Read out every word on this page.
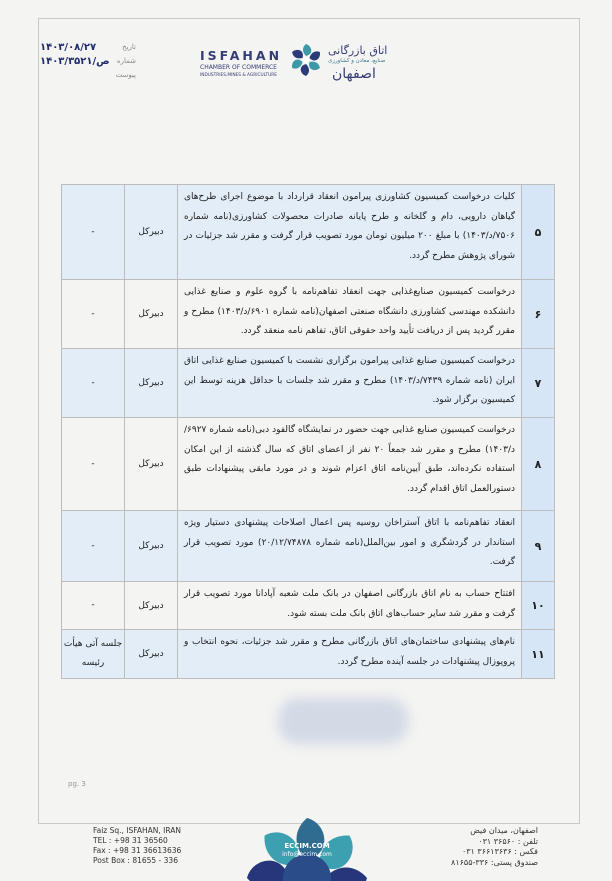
۱۴۰۳/۰۸/۲۷	تاریخ
۱۴۰۳/ص/۳۵۲۱ شماره
پیوست
ISFAHAN
CHAMBER OF COMMERCE
INDUSTRIES,MINES & AGRICULTURE
اتاق بازرگانی
صنایع، معادن و کشاورزی
اصفهان
۵
کلیات درخواست کمیسیون کشاورزی پیرامون انعقاد قرارداد با موضوع اجرای طرح‌های گیاهان دارویی، دام و گلخانه و طرح پایانه صادرات محصولات کشاورزی(نامه شماره ۷۵۰۶/د/۱۴۰۳) با مبلغ ۲۰۰ میلیون تومان مورد تصویب قرار گرفت و مقرر شد جزئیات در شورای پژوهش مطرح گردد.
دبیرکل
-
۶
درخواست کمیسیون صنایع‌غذایی جهت انعقاد تفاهم‌نامه با گروه علوم و صنایع غذایی دانشکده مهندسی کشاورزی دانشگاه صنعتی اصفهان(نامه شماره ۶۹۰۱/د/۱۴۰۳) مطرح و مقرر گردید پس از دریافت تأیید واحد حقوقی اتاق، تفاهم نامه منعقد گردد.
دبیرکل
-
۷
درخواست کمیسیون صنایع غذایی پیرامون برگزاری نشست با کمیسیون صنایع غذایی اتاق ایران (نامه شماره ۷۴۳۹/د/۱۴۰۳) مطرح و مقرر شد جلسات با حداقل هزینه توسط این کمیسیون برگزار شود.
دبیرکل
-
۸
درخواست کمیسیون صنایع غذایی جهت حضور در نمایشگاه گالفود دبی(نامه شماره ۶۹۲۷/د/۱۴۰۳) مطرح و مقرر شد جمعاً ۲۰ نفر از اعضای اتاق که سال گذشته از این امکان استفاده نکرده‌اند، طبق آیین‌نامه اتاق اعزام شوند و در مورد مابقی پیشنهادات طبق دستورالعمل اتاق اقدام گردد.
دبیرکل
-
۹
انعقاد تفاهم‌نامه با اتاق آستراخان روسیه پس اعمال اصلاحات پیشنهادی دستیار ویژه استاندار در گردشگری و امور بین‌الملل(نامه شماره ۲۰/۱۲/۷۴۸۷۸) مورد تصویب قرار گرفت.
دبیرکل
-
۱۰
افتتاح حساب به نام اتاق بازرگانی اصفهان در بانک ملت شعبه آپادانا مورد تصویب قرار گرفت و مقرر شد سایر حساب‌های اتاق بانک ملت بسته شود.
دبیرکل
-
۱۱
نام‌های پیشنهادی ساختمان‌های اتاق بازرگانی مطرح و مقرر شد جزئیات، نحوه انتخاب و پروپوزال پیشنهادات در جلسه آینده مطرح گردد.
دبیرکل
جلسه آتی هیأت رئیسه
pg. 3
Faiz Sq., ISFAHAN, IRAN
TEL : +98 31 36560
Fax : +98 31 36613636
Post Box : 81655 - 336
ECCIM.COM
info@eccim.com
اصفهان، میدان فیض
تلفن : ۳۶۵۶۰ ۰۳۱
فکس : ۳۶۶۱۳۶۳۶ ۰۳۱
صندوق پستی: ۳۳۶-۸۱۶۵۵
